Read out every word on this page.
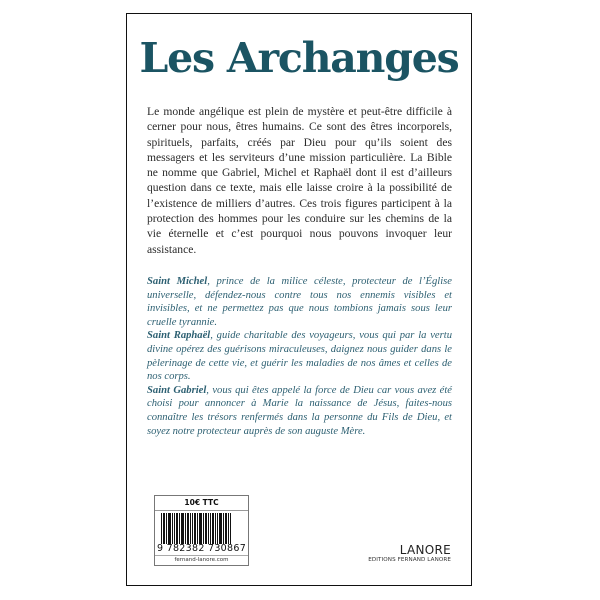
Les Archanges
Le monde angélique est plein de mystère et peut-être difficile à cerner pour nous, êtres humains. Ce sont des êtres incorporels, spirituels, parfaits, créés par Dieu pour qu’ils soient des messagers et les serviteurs d’une mission particulière. La Bible ne nomme que Gabriel, Michel et Raphaël dont il est d’ailleurs question dans ce texte, mais elle laisse croire à la possibilité de l’existence de milliers d’autres. Ces trois figures participent à la protection des hommes pour les conduire sur les chemins de la vie éternelle et c’est pourquoi nous pouvons invoquer leur assistance.

Saint Michel, prince de la milice céleste, protecteur de l’Église universelle, défendez-nous contre tous nos ennemis visibles et invisibles, et ne permettez pas que nous tombions jamais sous leur cruelle tyrannie.

Saint Raphaël, guide charitable des voyageurs, vous qui par la vertu divine opérez des guérisons miraculeuses, daignez nous guider dans le pèlerinage de cette vie, et guérir les maladies de nos âmes et celles de nos corps.

Saint Gabriel, vous qui êtes appelé la force de Dieu car vous avez été choisi pour annoncer à Marie la naissance de Jésus, faites-nous connaître les trésors renfermés dans la personne du Fils de Dieu, et soyez notre protecteur auprès de son auguste Mère.

10€ TTC
9 782382 730867
fernand-lanore.com
LANORE
EDITIONS FERNAND LANORE
